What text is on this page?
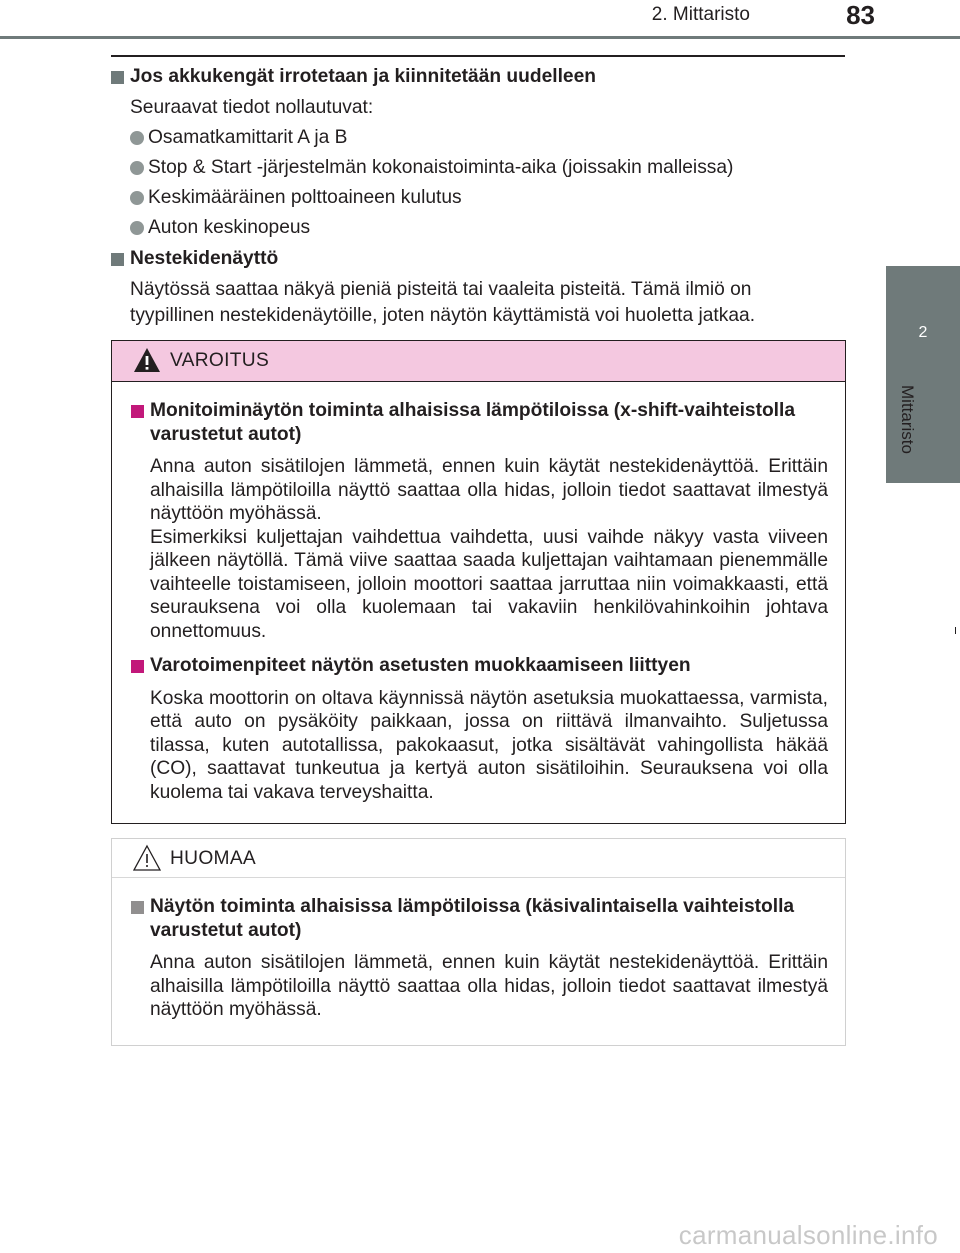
2. Mittaristo	83
2
Mittaristo

Jos akkukengät irrotetaan ja kiinnitetään uudelleen

Seuraavat tiedot nollautuvat:

Osamatkamittarit A ja B

Stop & Start -järjestelmän kokonaistoiminta-aika (joissakin malleissa)

Keskimääräinen polttoaineen kulutus

Auton keskinopeus

Nestekidenäyttö

Näytössä saattaa näkyä pieniä pisteitä tai vaaleita pisteitä. Tämä ilmiö on tyypillinen nestekidenäytöille, joten näytön käyttämistä voi huoletta jatkaa.

VAROITUS

Monitoiminäytön toiminta alhaisissa lämpötiloissa (x-shift-vaihteistolla varustetut autot)

Anna auton sisätilojen lämmetä, ennen kuin käytät nestekidenäyttöä. Erittäin alhaisilla lämpötiloilla näyttö saattaa olla hidas, jolloin tiedot saattavat ilmestyä näyttöön myöhässä.

Esimerkiksi kuljettajan vaihdettua vaihdetta, uusi vaihde näkyy vasta viiveen jälkeen näytöllä. Tämä viive saattaa saada kuljettajan vaihtamaan pienemmälle vaihteelle toistamiseen, jolloin moottori saattaa jarruttaa niin voimakkaasti, että seurauksena voi olla kuolemaan tai vakaviin henkilövahinkoihin johtava onnettomuus.

Varotoimenpiteet näytön asetusten muokkaamiseen liittyen

Koska moottorin on oltava käynnissä näytön asetuksia muokattaessa, varmista, että auto on pysäköity paikkaan, jossa on riittävä ilmanvaihto. Suljetussa tilassa, kuten autotallissa, pakokaasut, jotka sisältävät vahingollista häkää (CO), saattavat tunkeutua ja kertyä auton sisätiloihin. Seurauksena voi olla kuolema tai vakava terveyshaitta.

HUOMAA

Näytön toiminta alhaisissa lämpötiloissa (käsivalintaisella vaihteistolla varustetut autot)

Anna auton sisätilojen lämmetä, ennen kuin käytät nestekidenäyttöä. Erittäin alhaisilla lämpötiloilla näyttö saattaa olla hidas, jolloin tiedot saattavat ilmestyä näyttöön myöhässä.

carmanualsonline.info
